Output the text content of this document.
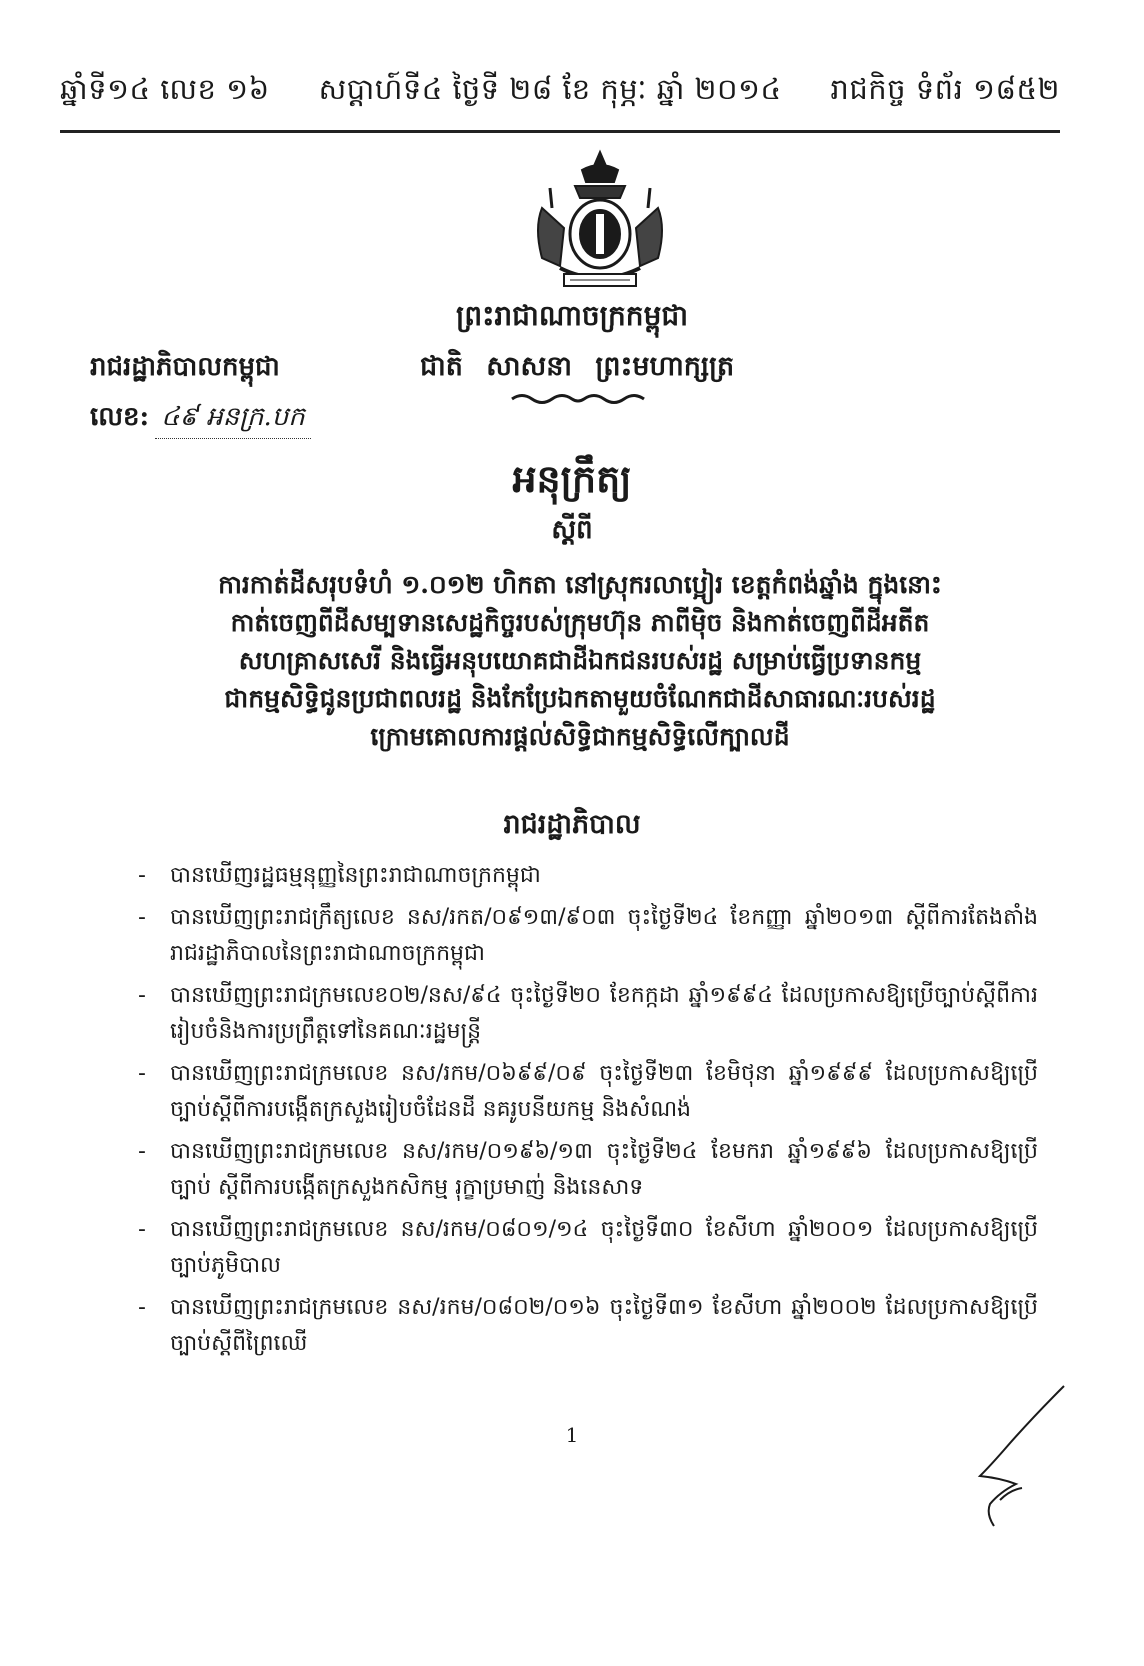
ឆ្នាំទី១៤ លេខ ១៦ សប្ដាហ៍ទី៤ ថ្ងៃទី ២៨ ខែ កុម្ភៈ ឆ្នាំ ២០១៤ រាជកិច្ច ទំព័រ ១៨៥២
ព្រះរាជាណាចក្រកម្ពុជា
រាជរដ្ឋាភិបាលកម្ពុជា	ជាតិ សាសនា ព្រះមហាក្សត្រ
លេខ: ៤៩ អនក្រ.បក
អនុក្រឹត្យ
ស្ដីពី
ការកាត់ដីសរុបទំហំ ១.០១២ ហិកតា នៅស្រុករលាប្អៀរ ខេត្តកំពង់ឆ្នាំង ក្នុងនោះ
កាត់ចេញពីដីសម្បទានសេដ្ឋកិច្ចរបស់ក្រុមហ៊ុន ភាពីម៉ិច និងកាត់ចេញពីដីអតីត
សហគ្រាសសេរី និងធ្វើអនុបយោគជាដីឯកជនរបស់រដ្ឋ សម្រាប់ធ្វើប្រទានកម្ម
ជាកម្មសិទ្ធិជូនប្រជាពលរដ្ឋ និងកែប្រែឯកតាមួយចំណែកជាដីសាធារណៈរបស់រដ្ឋ
ក្រោមគោលការផ្ដល់សិទ្ធិជាកម្មសិទ្ធិលើក្បាលដី
រាជរដ្ឋាភិបាល
- បានឃើញរដ្ឋធម្មនុញ្ញនៃព្រះរាជាណាចក្រកម្ពុជា
- បានឃើញព្រះរាជក្រឹត្យលេខ នស/រកត/០៩១៣/៩០៣ ចុះថ្ងៃទី២៤ ខែកញ្ញា ឆ្នាំ២០១៣ ស្ដីពីការតែងតាំងរាជរដ្ឋាភិបាលនៃព្រះរាជាណាចក្រកម្ពុជា
- បានឃើញព្រះរាជក្រមលេខ០២/នស/៩៤ ចុះថ្ងៃទី២០ ខែកក្កដា ឆ្នាំ១៩៩៤ ដែលប្រកាសឱ្យប្រើច្បាប់ស្ដីពីការរៀបចំនិងការប្រព្រឹត្តទៅនៃគណៈរដ្ឋមន្ត្រី
- បានឃើញព្រះរាជក្រមលេខ នស/រកម/០៦៩៩/០៩ ចុះថ្ងៃទី២៣ ខែមិថុនា ឆ្នាំ១៩៩៩ ដែលប្រកាសឱ្យប្រើច្បាប់ស្ដីពីការបង្កើតក្រសួងរៀបចំដែនដី នគរូបនីយកម្ម និងសំណង់
- បានឃើញព្រះរាជក្រមលេខ នស/រកម/០១៩៦/១៣ ចុះថ្ងៃទី២៤ ខែមករា ឆ្នាំ១៩៩៦ ដែលប្រកាសឱ្យប្រើច្បាប់ ស្ដីពីការបង្កើតក្រសួងកសិកម្ម រុក្ខាប្រមាញ់ និងនេសាទ
- បានឃើញព្រះរាជក្រមលេខ នស/រកម/០៨០១/១៤ ចុះថ្ងៃទី៣០ ខែសីហា ឆ្នាំ២០០១ ដែលប្រកាសឱ្យប្រើច្បាប់ភូមិបាល
- បានឃើញព្រះរាជក្រមលេខ នស/រកម/០៨០២/០១៦ ចុះថ្ងៃទី៣១ ខែសីហា ឆ្នាំ២០០២ ដែលប្រកាសឱ្យប្រើច្បាប់ស្ដីពីព្រៃឈើ
1
